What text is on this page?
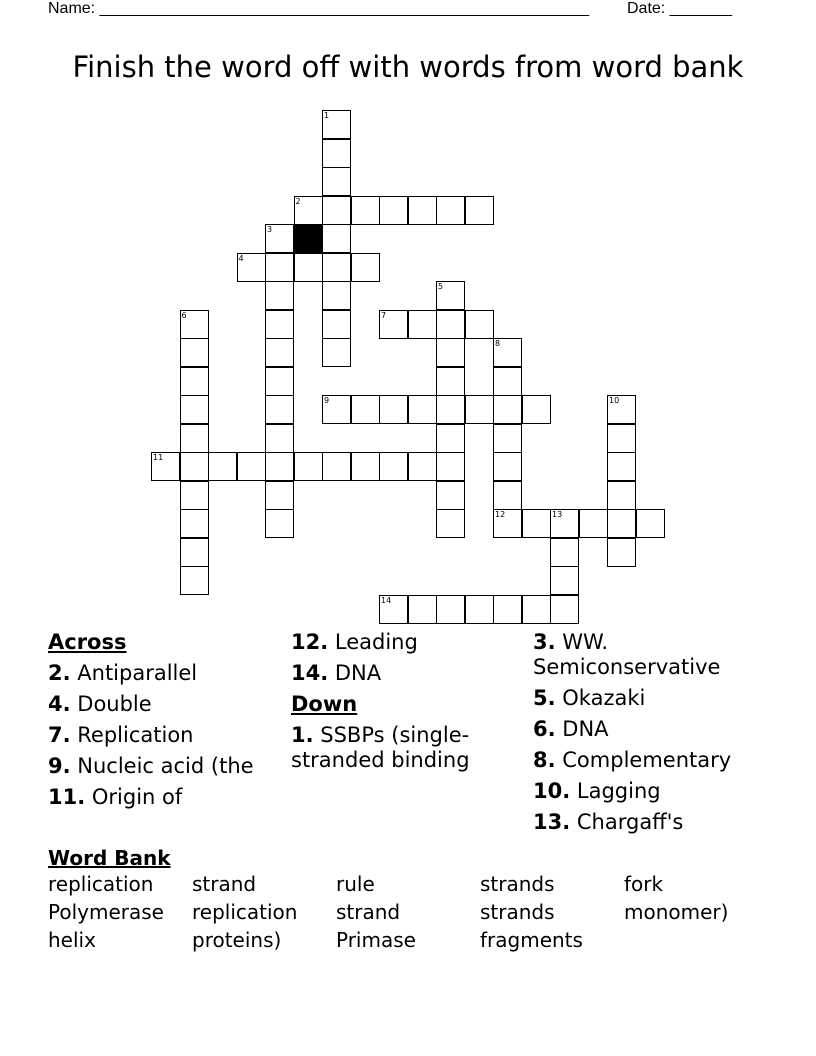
Name: _______________________________________________________ Date: _______
Finish the word off with words from word bank
1
2
3
4
5
6	7
8
12
9	10
11
13
14
Across
2. Antiparallel
4. Double
7. Replication
9. Nucleic acid (the
11. Origin of
12. Leading
14. DNA
Down
1. SSBPs (single-stranded binding
3. WW. Semiconservative
5. Okazaki
6. DNA
8. Complementary
10. Lagging
13. Chargaff's
Word Bank
replication	strand	rule	strands	fork
Polymerase	replication	strand	strands	monomer)
helix	proteins)	Primase	fragments
